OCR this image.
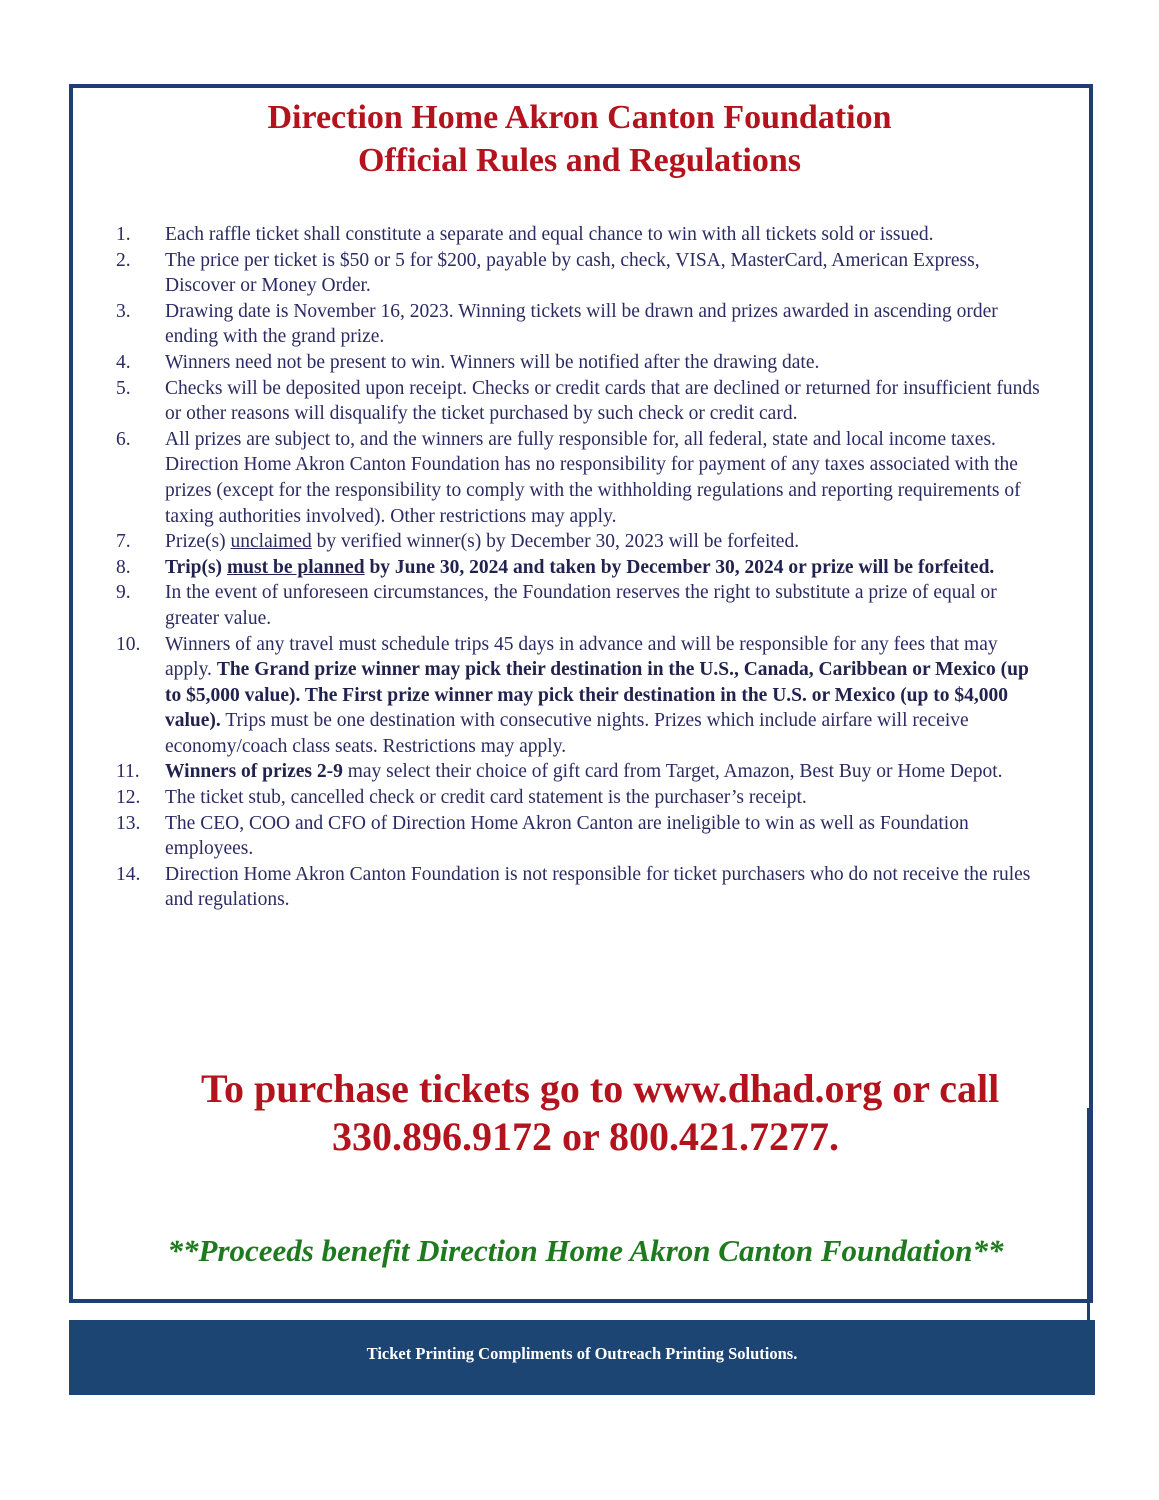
Direction Home Akron Canton Foundation
Official Rules and Regulations
1.	Each raffle ticket shall constitute a separate and equal chance to win with all tickets sold or issued.
2.	The price per ticket is $50 or 5 for $200, payable by cash, check, VISA, MasterCard, American Express, Discover or Money Order.
3.	Drawing date is November 16, 2023. Winning tickets will be drawn and prizes awarded in ascending order ending with the grand prize.
4.	Winners need not be present to win. Winners will be notified after the drawing date.
5.	Checks will be deposited upon receipt. Checks or credit cards that are declined or returned for insufficient funds or other reasons will disqualify the ticket purchased by such check or credit card.
6.	All prizes are subject to, and the winners are fully responsible for, all federal, state and local income taxes. Direction Home Akron Canton Foundation has no responsibility for payment of any taxes associated with the prizes (except for the responsibility to comply with the withholding regulations and reporting requirements of taxing authorities involved). Other restrictions may apply.
7.	Prize(s) unclaimed by verified winner(s) by December 30, 2023 will be forfeited.
8.	Trip(s) must be planned by June 30, 2024 and taken by December 30, 2024 or prize will be forfeited.
9.	In the event of unforeseen circumstances, the Foundation reserves the right to substitute a prize of equal or greater value.
10. Winners of any travel must schedule trips 45 days in advance and will be responsible for any fees that may apply. The Grand prize winner may pick their destination in the U.S., Canada, Caribbean or Mexico (up to $5,000 value). The First prize winner may pick their destination in the U.S. or Mexico (up to $4,000 value). Trips must be one destination with consecutive nights. Prizes which include airfare will receive economy/coach class seats. Restrictions may apply.
11.	Winners of prizes 2-9 may select their choice of gift card from Target, Amazon, Best Buy or Home Depot.
12. The ticket stub, cancelled check or credit card statement is the purchaser’s receipt.
13. The CEO, COO and CFO of Direction Home Akron Canton are ineligible to win as well as Foundation employees.
14. Direction Home Akron Canton Foundation is not responsible for ticket purchasers who do not receive the rules and regulations.
To purchase tickets go to www.dhad.org or call
330.896.9172 or 800.421.7277.
**Proceeds benefit Direction Home Akron Canton Foundation**
Ticket Printing Compliments of Outreach Printing Solutions.
